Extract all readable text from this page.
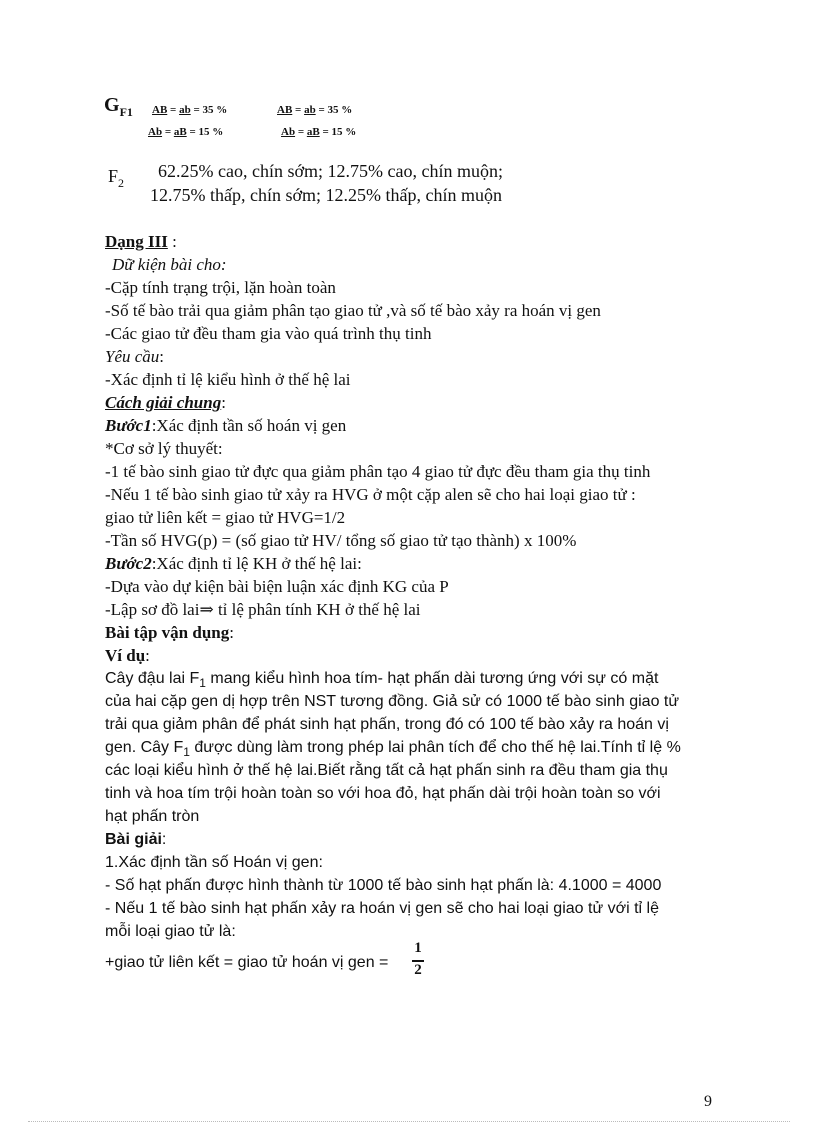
$G_{F1}$ AB = ab = 35 %	AB = ab = 35 %
Ab = aB = 15 %	Ab = aB = 15 %
$F_2$
62.25% cao, chín sớm; 12.75% cao, chín muộn;
12.75% thấp, chín sớm; 12.25% thấp, chín muộn
Dạng III :
Dữ kiện bài cho:
-Cặp tính trạng trội, lặn hoàn toàn
-Số tế bào trải qua giảm phân tạo giao tử ,và số tế bào xảy ra hoán vị gen
-Các giao tử đều tham gia vào quá trình thụ tinh
Yêu cầu:
-Xác định tỉ lệ kiểu hình ở thế hệ lai
Cách giải chung:
Bước1:Xác định tần số hoán vị gen
*Cơ sở lý thuyết:
-1 tế bào sinh giao tử đực qua giảm phân tạo 4 giao tử đực đều tham gia thụ tinh
-Nếu 1 tế bào sinh giao tử xảy ra HVG ở một cặp alen sẽ cho hai loại giao tử :
giao tử liên kết = giao tử HVG=1/2
-Tần số HVG(p) = (số giao tử HV/ tổng số giao tử tạo thành) x 100%
Bước2:Xác định tỉ lệ KH ở thế hệ lai:
-Dựa vào dự kiện bài biện luận xác định KG của P
-Lập sơ đồ lai⇒ tỉ lệ phân tính KH ở thế hệ lai
Bài tập vận dụng:
Ví dụ:
Cây đậu lai $F_1$ mang kiểu hình hoa tím- hạt phấn dài tương ứng với sự có mặt
của hai cặp gen dị hợp trên NST tương đồng. Giả sử có 1000 tế bào sinh giao tử
trải qua giảm phân để phát sinh hạt phấn, trong đó có 100 tế bào xảy ra hoán vị
gen. Cây $F_1$ được dùng làm trong phép lai phân tích để cho thế hệ lai.Tính tỉ lệ %
các loại kiểu hình ở thế hệ lai.Biết rằng tất cả hạt phấn sinh ra đều tham gia thụ
tinh và hoa tím trội hoàn toàn so với hoa đỏ, hạt phấn dài trội hoàn toàn so với
hạt phấn tròn
Bài giải:
1.Xác định tần số Hoán vị gen:
- Số hạt phấn được hình thành từ 1000 tế bào sinh hạt phấn là: 4.1000 = 4000
- Nếu 1 tế bào sinh hạt phấn xảy ra hoán vị gen sẽ cho hai loại giao tử với tỉ lệ
mỗi loại giao tử là:
+giao tử liên kết = giao tử hoán vị gen =
1
2
9
